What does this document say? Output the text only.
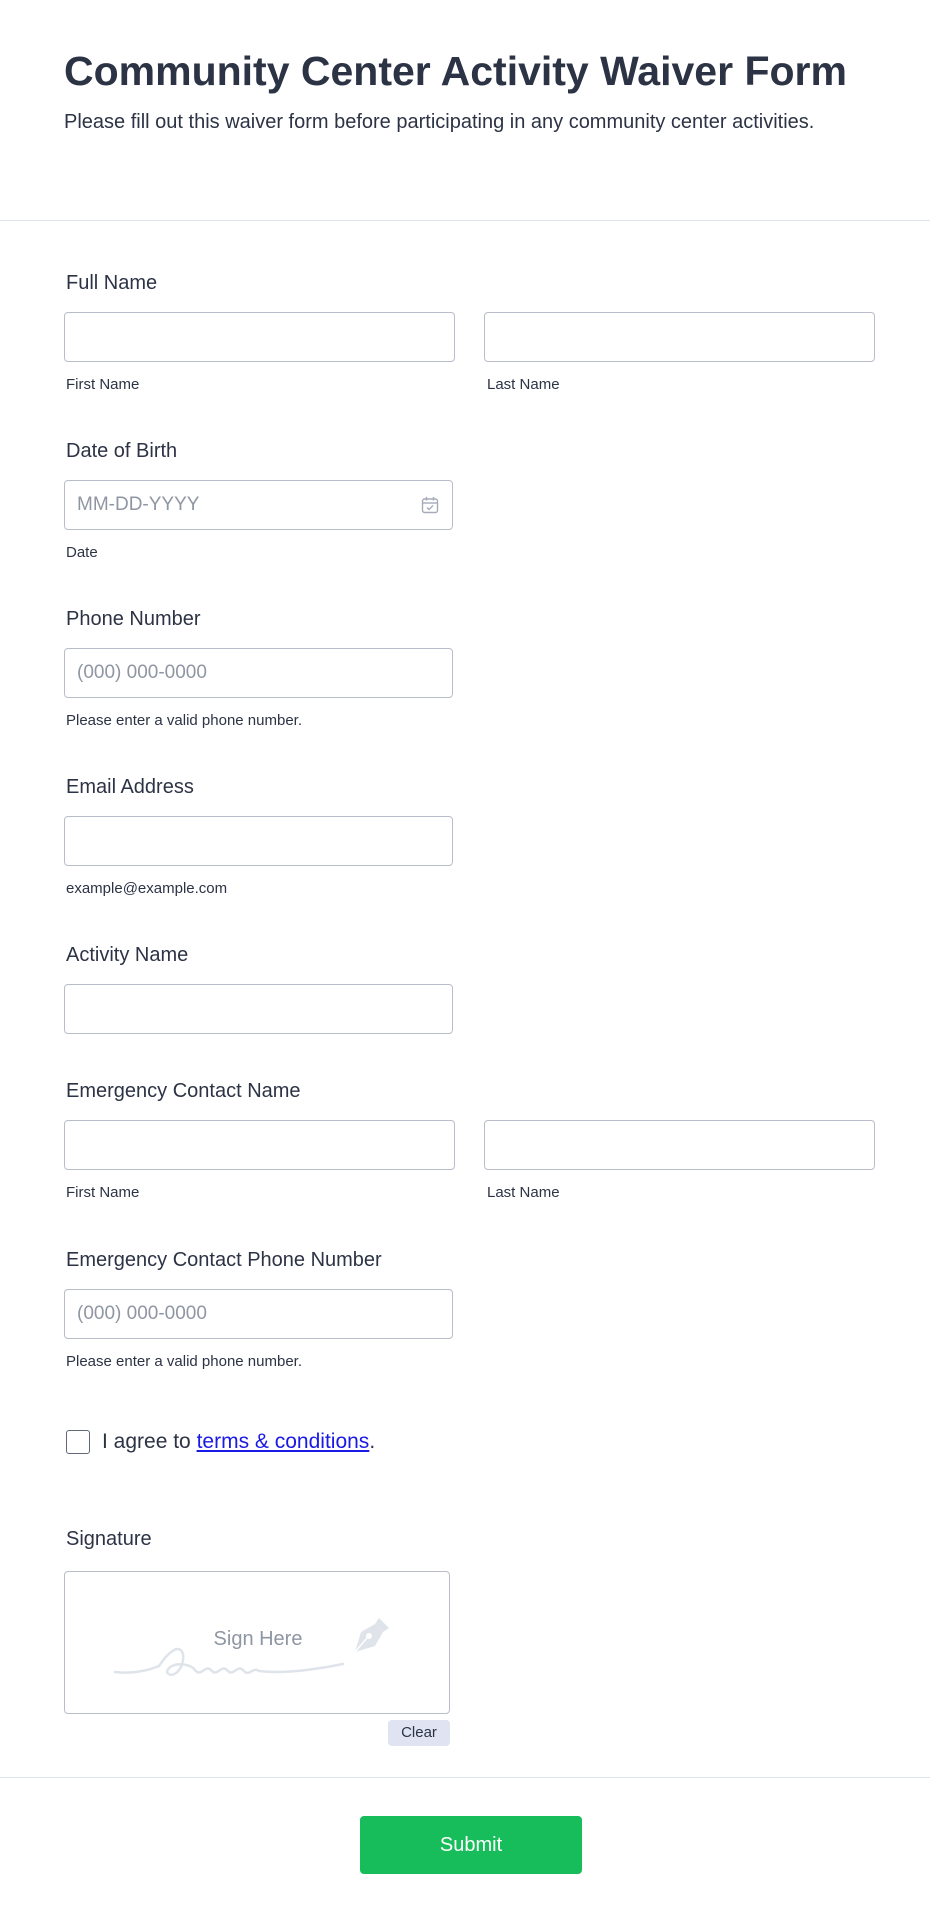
Community Center Activity Waiver Form
Please fill out this waiver form before participating in any community center activities.
Full Name
First Name	Last Name
Date of Birth
MM-DD-YYYY
Date
Phone Number
(000) 000-0000
Please enter a valid phone number.
Email Address
example@example.com
Activity Name
Emergency Contact Name
First Name	Last Name
Emergency Contact Phone Number
(000) 000-0000
Please enter a valid phone number.
I agree to terms & conditions .
Signature
Sign Here
Clear
Submit
